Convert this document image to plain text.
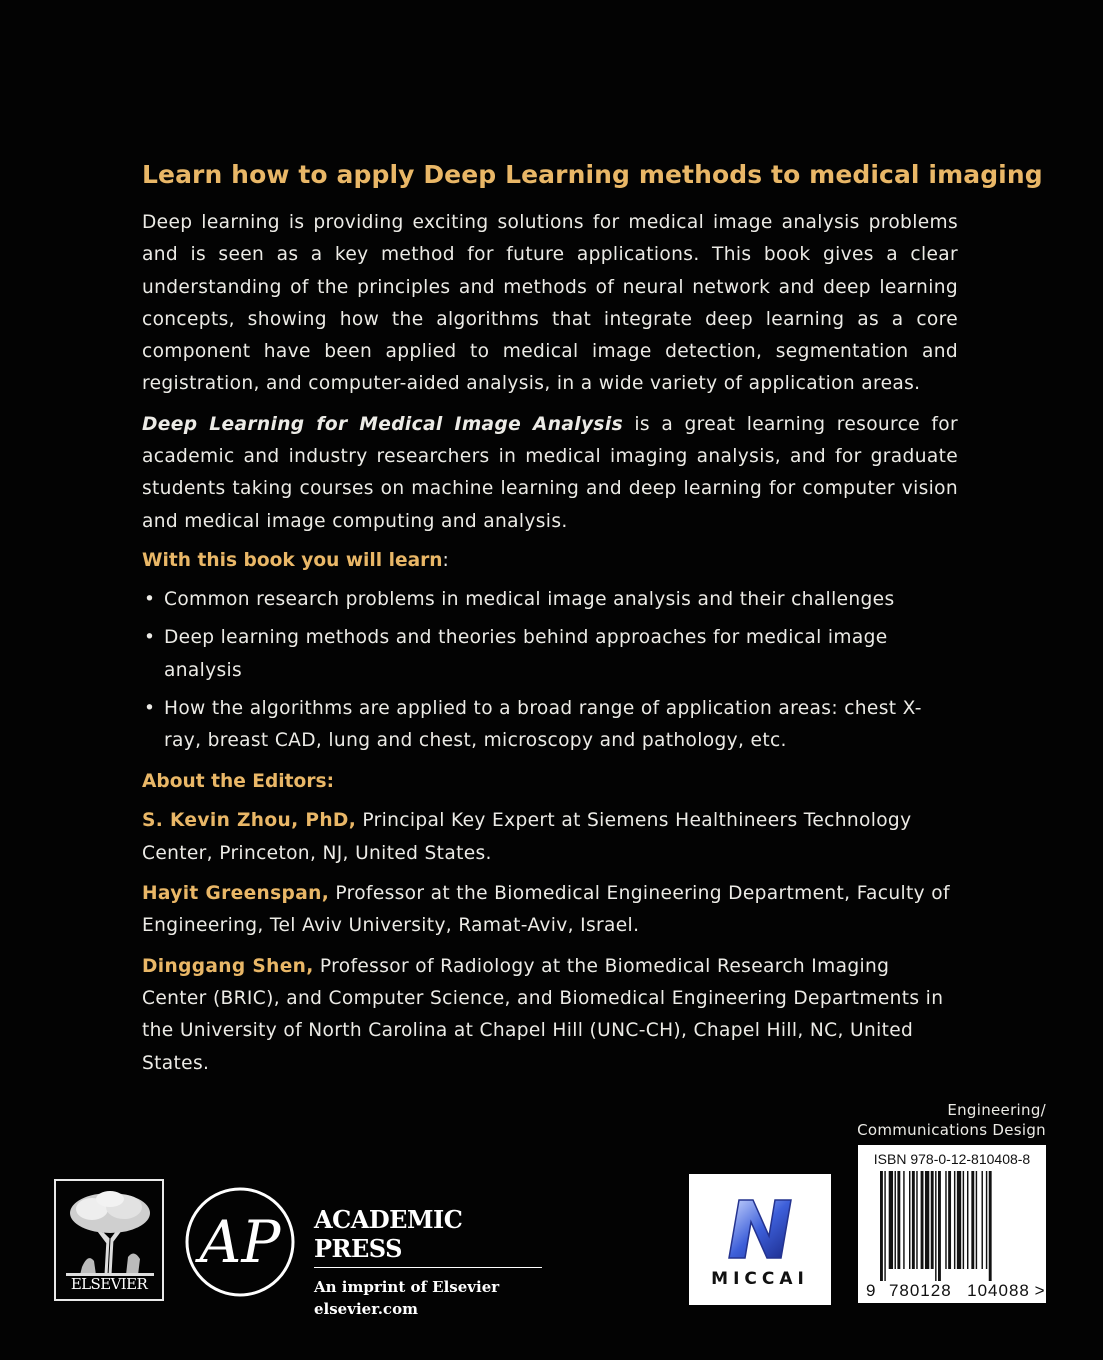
Learn how to apply Deep Learning methods to medical imaging

Deep learning is providing exciting solutions for medical image analysis problems and is seen as a key method for future applications. This book gives a clear understanding of the principles and methods of neural network and deep learning concepts, showing how the algorithms that integrate deep learning as a core component have been applied to medical image detection, segmentation and registration, and computer-aided analysis, in a wide variety of application areas.

Deep Learning for Medical Image Analysis is a great learning resource for academic and industry researchers in medical imaging analysis, and for graduate students taking courses on machine learning and deep learning for computer vision and medical image computing and analysis.

With this book you will learn:
• Common research problems in medical image analysis and their challenges
• Deep learning methods and theories behind approaches for medical image analysis
• How the algorithms are applied to a broad range of application areas: chest X-ray, breast CAD, lung and chest, microscopy and pathology, etc.
About the Editors:

S. Kevin Zhou, PhD, Principal Key Expert at Siemens Healthineers Technology Center, Princeton, NJ, United States.

Hayit Greenspan, Professor at the Biomedical Engineering Department, Faculty of Engineering, Tel Aviv University, Ramat-Aviv, Israel.

Dinggang Shen, Professor of Radiology at the Biomedical Research Imaging Center (BRIC), and Computer Science, and Biomedical Engineering Departments in the University of North Carolina at Chapel Hill (UNC-CH), Chapel Hill, NC, United States.

Engineering/
Communications Design
ELSEVIER
AP ACADEMIC PRESS
An imprint of Elsevier
elsevier.com
MICCAI
ISBN 978-0-12-810408-8
9 780128 104088 >
